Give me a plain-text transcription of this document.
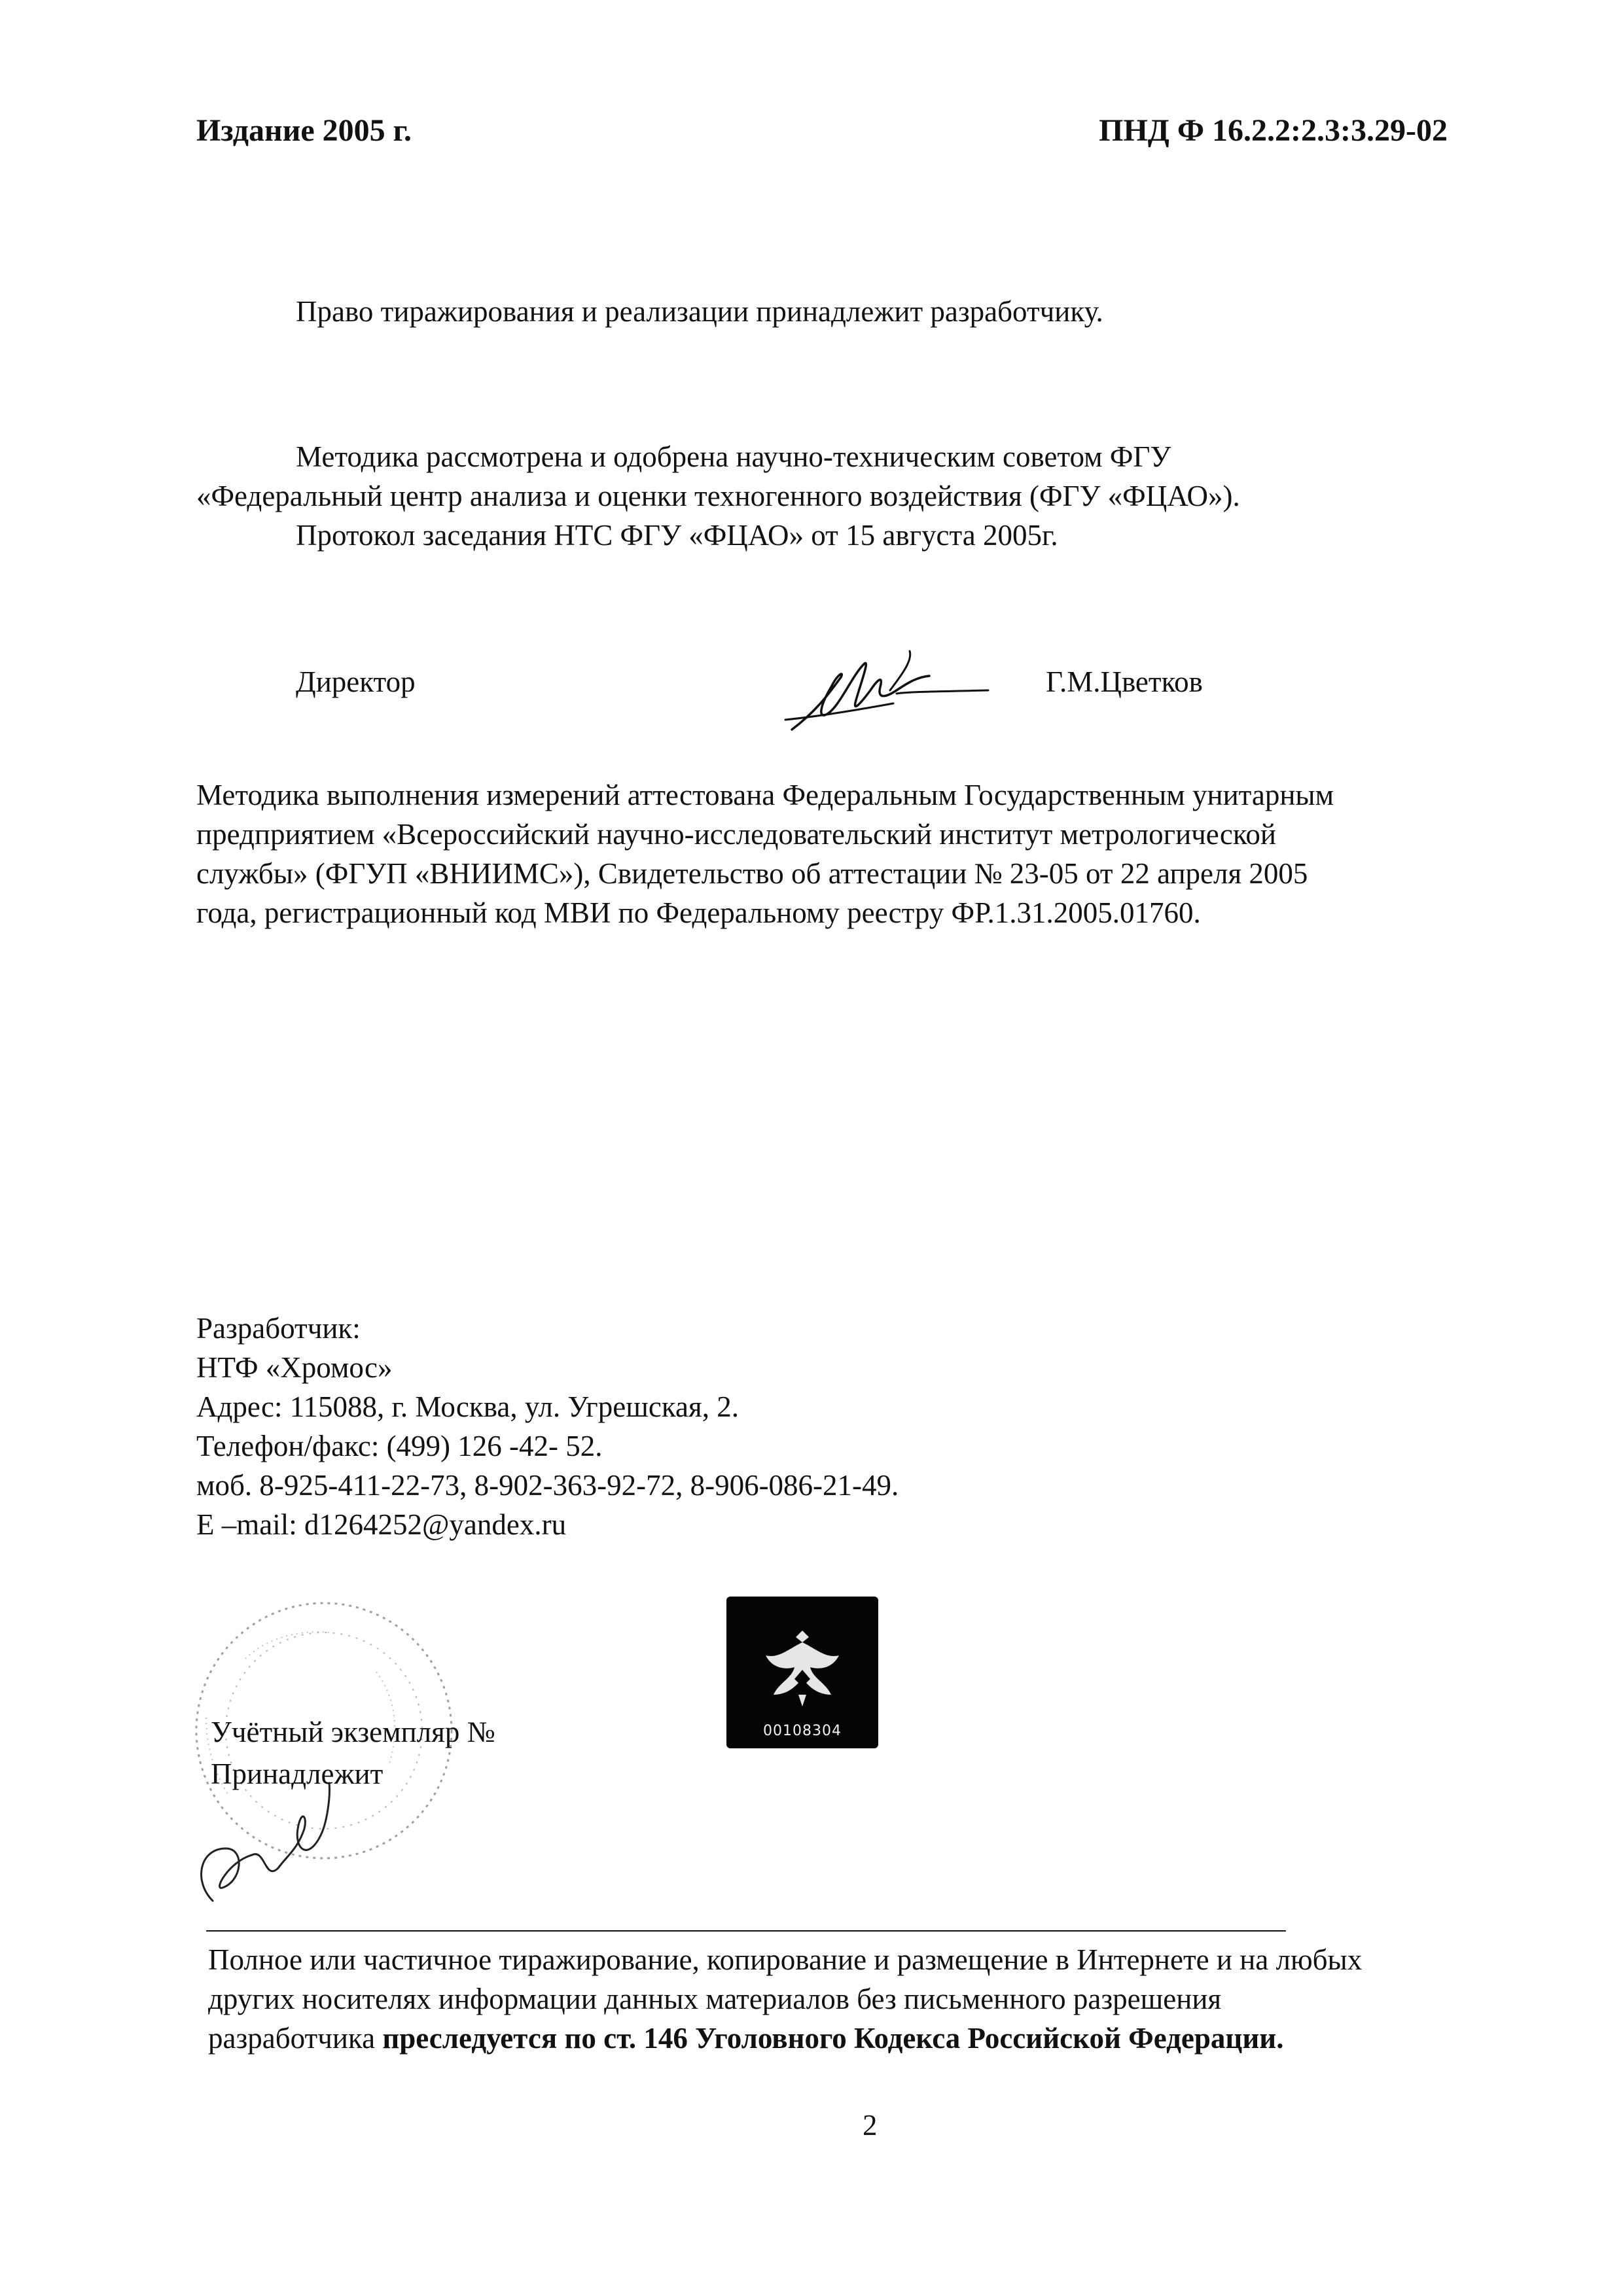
Издание 2005 г.	ПНД Ф 16.2.2:2.3:3.29-02
Право тиражирования и реализации принадлежит разработчику.
Методика рассмотрена и одобрена научно-техническим советом ФГУ
«Федеральный центр анализа и оценки техногенного воздействия (ФГУ «ФЦАО»).
Протокол заседания НТС ФГУ «ФЦАО» от 15 августа 2005г.
Директор	Г.М.Цветков
Методика выполнения измерений аттестована Федеральным Государственным унитарным
предприятием «Всероссийский научно-исследовательский институт метрологической
службы» (ФГУП «ВНИИМС»), Свидетельство об аттестации № 23-05 от 22 апреля 2005
года, регистрационный код МВИ по Федеральному реестру ФР.1.31.2005.01760.
Разработчик:
НТФ «Хромос»
Адрес: 115088, г. Москва, ул. Угрешская, 2.
Телефон/факс: (499) 126 -42- 52.
моб. 8-925-411-22-73, 8-902-363-92-72, 8-906-086-21-49.
E –mail: d1264252@yandex.ru
Учётный экземпляр №
Принадлежит
00108304
Полное или частичное тиражирование, копирование и размещение в Интернете и на любых
других носителях информации данных материалов без письменного разрешения
разработчика преследуется по ст. 146 Уголовного Кодекса Российской Федерации.
2
